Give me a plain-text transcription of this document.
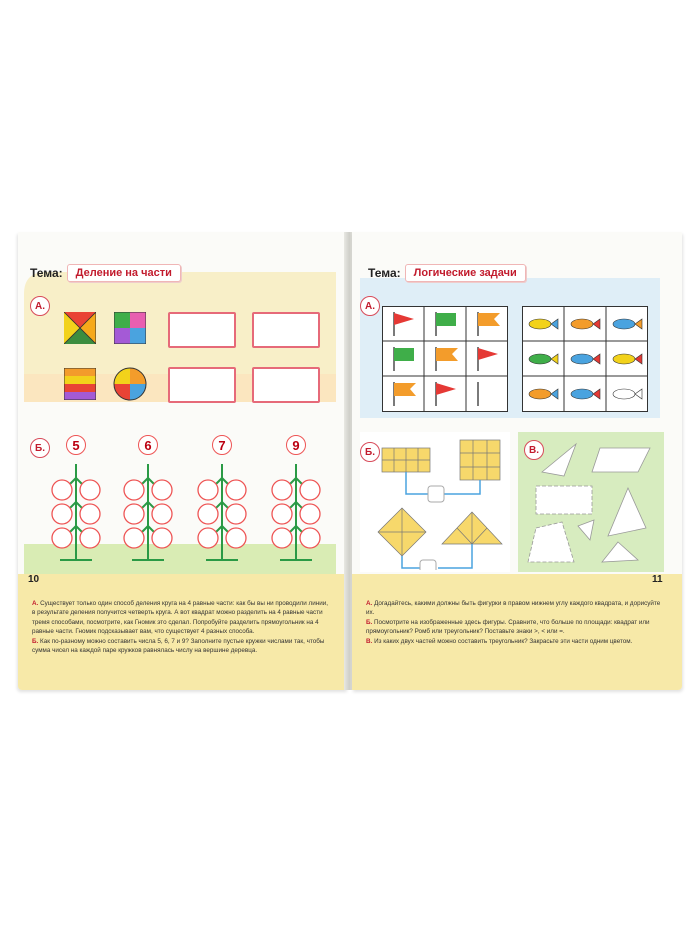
Тема:	Деление на части
А.
Б.	5	6	7	9
10

А. Существует только один способ деления круга на 4 равные части: как бы вы ни проводили линии, в результате деления получится четверть круга. А вот квадрат можно разделить на 4 равные части тремя способами, посмотрите, как Гномик это сделал. Попробуйте разделить прямоугольник на 4 равные части. Гномик подсказывает вам, что существует 4 разных способа.

Б. Как по-разному можно составить числа 5, 6, 7 и 9? Заполните пустые кружки числами так, чтобы сумма чисел на каждой паре кружков равнялась числу на вершине деревца.

Тема:	Логические задачи
А.
Б.	В.
11

А. Догадайтесь, какими должны быть фигурки в правом нижнем углу каждого квадрата, и дорисуйте их.

Б. Посмотрите на изображенные здесь фигуры. Сравните, что больше по площади: квадрат или прямоугольник? Ромб или треугольник? Поставьте знаки >, < или =.

В. Из каких двух частей можно составить треугольник? Закрасьте эти части одним цветом.
